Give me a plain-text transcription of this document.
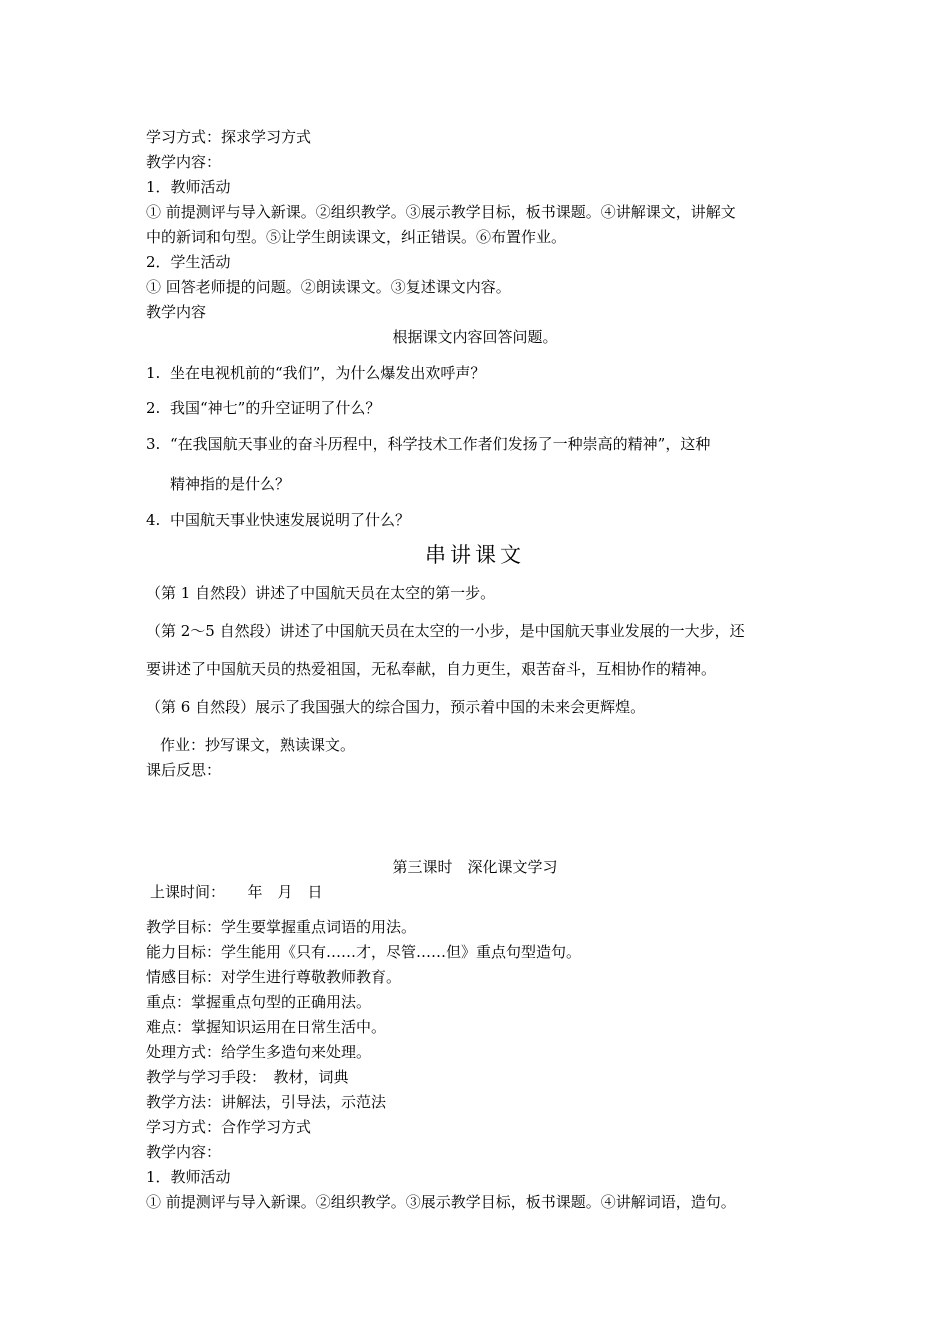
学习方式：探求学习方式
教学内容：
1．教师活动
① 前提测评与导入新课。②组织教学。③展示教学目标，板书课题。④讲解课文，讲解文
中的新词和句型。⑤让学生朗读课文，纠正错误。⑥布置作业。
2．学生活动
① 回答老师提的问题。②朗读课文。③复述课文内容。
教学内容
根据课文内容回答问题。
1. 坐在电视机前的“我们”，为什么爆发出欢呼声？
2. 我国“神七”的升空证明了什么？
3. “在我国航天事业的奋斗历程中，科学技术工作者们发扬了一种崇高的精神”，这种
精神指的是什么？
4. 中国航天事业快速发展说明了什么？
串讲课文
（第 1 自然段）讲述了中国航天员在太空的第一步。
（第 2～5 自然段）讲述了中国航天员在太空的一小步，是中国航天事业发展的一大步，还
要讲述了中国航天员的热爱祖国，无私奉献，自力更生，艰苦奋斗，互相协作的精神。
（第 6 自然段）展示了我国强大的综合国力，预示着中国的未来会更辉煌。
作业：抄写课文，熟读课文。
课后反思：
第三课时　深化课文学习
上课时间：　　年　月　日
教学目标：学生要掌握重点词语的用法。
能力目标：学生能用《只有……才，尽管……但》重点句型造句。
情感目标：对学生进行尊敬教师教育。
重点：掌握重点句型的正确用法。
难点：掌握知识运用在日常生活中。
处理方式：给学生多造句来处理。
教学与学习手段：　教材，词典
教学方法：讲解法，引导法，示范法
学习方式：合作学习方式
教学内容：
1．教师活动
① 前提测评与导入新课。②组织教学。③展示教学目标，板书课题。④讲解词语，造句。
